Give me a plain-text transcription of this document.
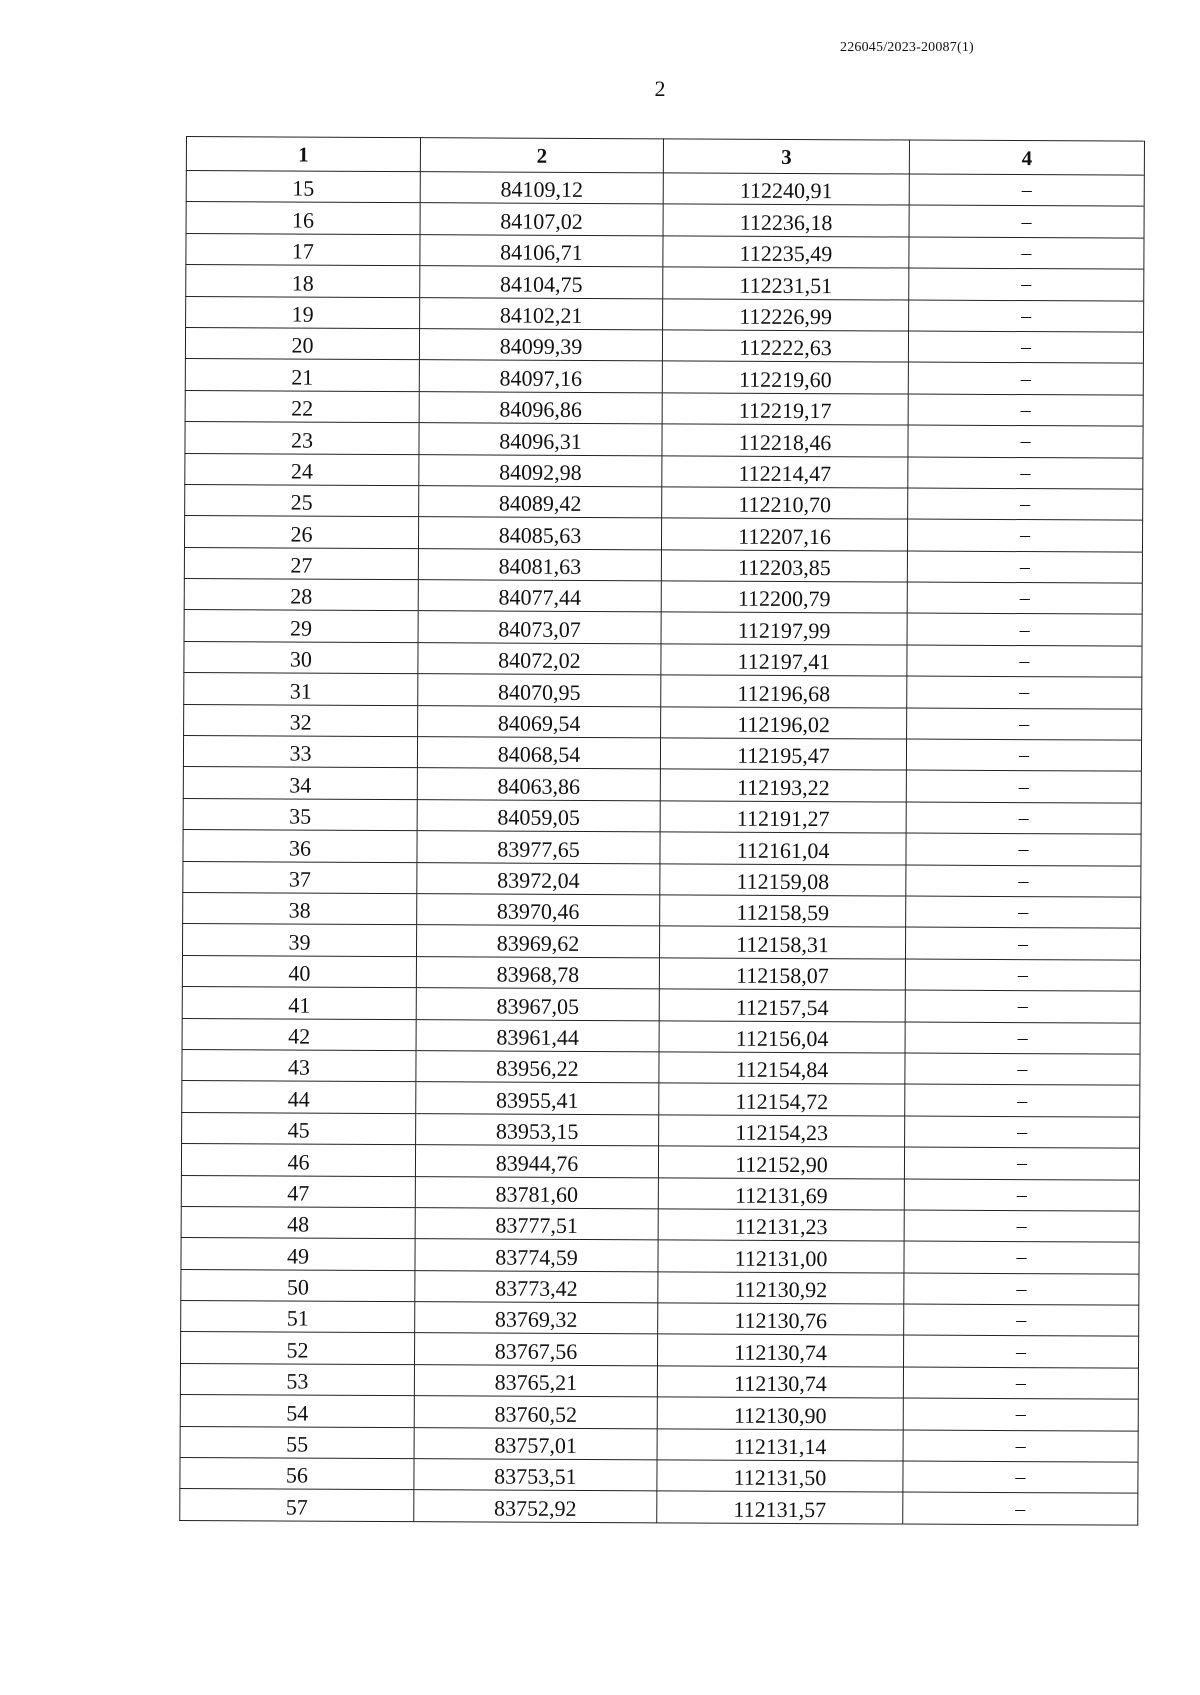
226045/2023-20087(1)
2
1	2	3	4
15	84109,12	112240,91	–
16	84107,02	112236,18	–
17	84106,71	112235,49	–
18	84104,75	112231,51	–
19	84102,21	112226,99	–
20	84099,39	112222,63	–
21	84097,16	112219,60	–
22	84096,86	112219,17	–
23	84096,31	112218,46	–
24	84092,98	112214,47	–
25	84089,42	112210,70	–
26	84085,63	112207,16	–
27	84081,63	112203,85	–
28	84077,44	112200,79	–
29	84073,07	112197,99	–
30	84072,02	112197,41	–
31	84070,95	112196,68	–
32	84069,54	112196,02	–
33	84068,54	112195,47	–
34	84063,86	112193,22	–
35	84059,05	112191,27	–
36	83977,65	112161,04	–
37	83972,04	112159,08	–
38	83970,46	112158,59	–
39	83969,62	112158,31	–
40	83968,78	112158,07	–
41	83967,05	112157,54	–
42	83961,44	112156,04	–
43	83956,22	112154,84	–
44	83955,41	112154,72	–
45	83953,15	112154,23	–
46	83944,76	112152,90	–
47	83781,60	112131,69	–
48	83777,51	112131,23	–
49	83774,59	112131,00	–
50	83773,42	112130,92	–
51	83769,32	112130,76	–
52	83767,56	112130,74	–
53	83765,21	112130,74	–
54	83760,52	112130,90	–
55	83757,01	112131,14	–
56	83753,51	112131,50	–
57	83752,92	112131,57	–
